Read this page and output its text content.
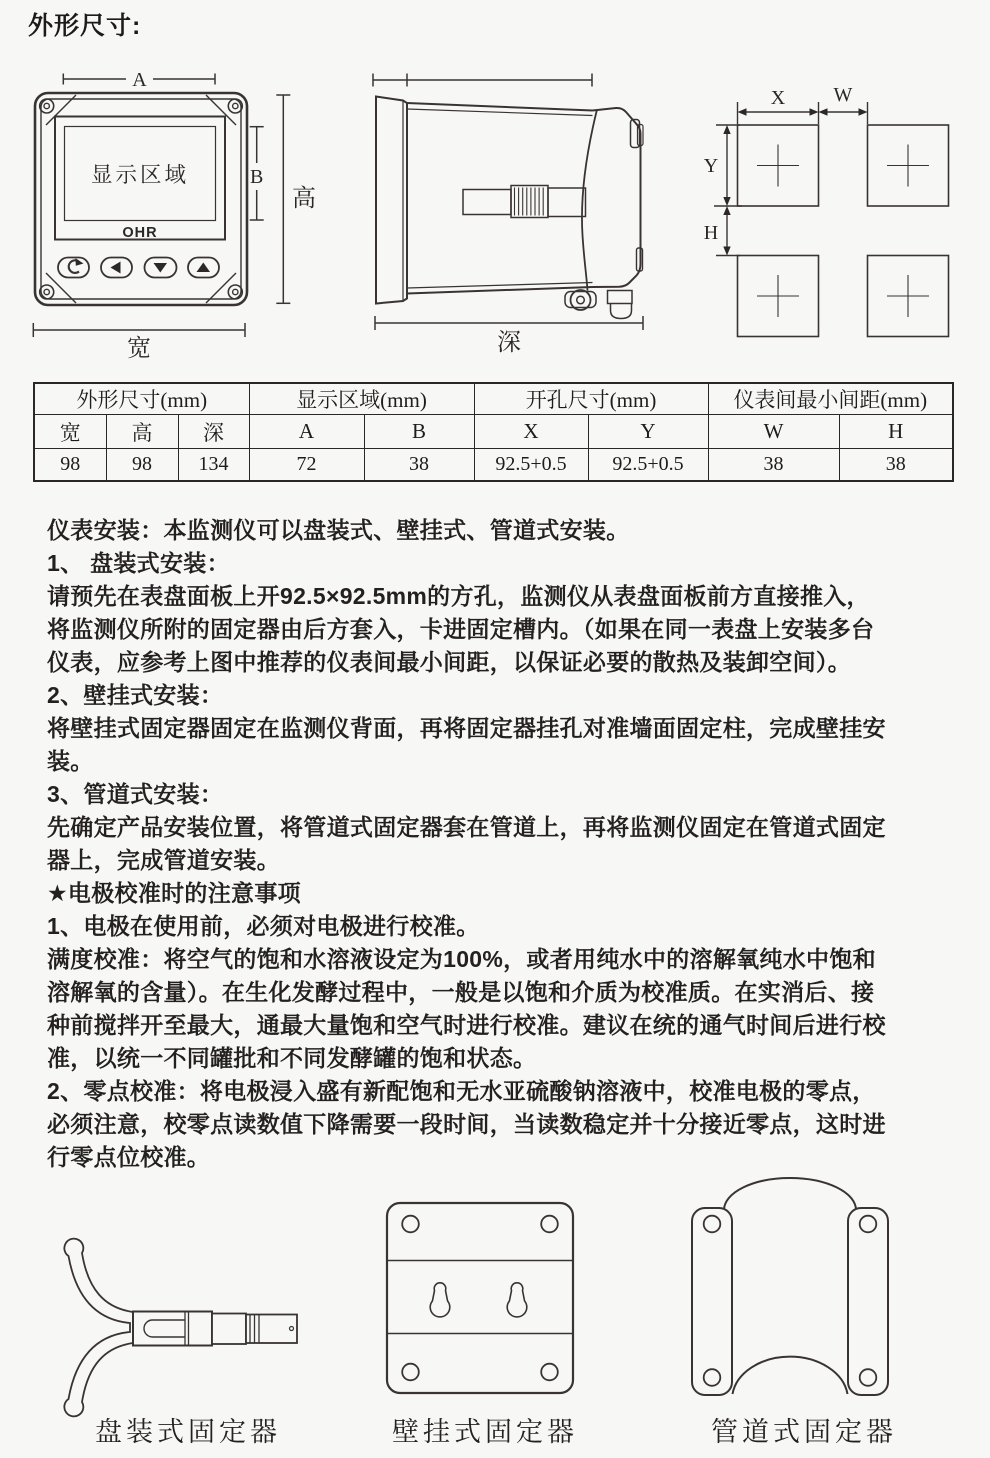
外形尺寸:
显示区域
OHR
A
B
高
宽	深
X W
Y
H
外形尺寸(mm)			显示区域(mm)		开孔尺寸(mm)		仪表间最小间距(mm)	
宽	高	深	A	B	X	Y	W	H
98	98	134	72	38	92.5+0.5	92.5+0.5	38	38
仪表安装：本监测仪可以盘装式、壁挂式、管道式安装。
1、 盘装式安装：
请预先在表盘面板上开92.5×92.5mm的方孔，监测仪从表盘面板前方直接推入，
将监测仪所附的固定器由后方套入，卡进固定槽内。（如果在同一表盘上安装多台
仪表，应参考上图中推荐的仪表间最小间距，以保证必要的散热及装卸空间）。
2、壁挂式安装：
将壁挂式固定器固定在监测仪背面，再将固定器挂孔对准墙面固定柱，完成壁挂安
装。
3、管道式安装：
先确定产品安装位置，将管道式固定器套在管道上，再将监测仪固定在管道式固定
器上，完成管道安装。
★电极校准时的注意事项
1、电极在使用前，必须对电极进行校准。
满度校准：将空气的饱和水溶液设定为100%，或者用纯水中的溶解氧纯水中饱和
溶解氧的含量）。在生化发酵过程中，一般是以饱和介质为校准质。在实消后、接
种前搅拌开至最大，通最大量饱和空气时进行校准。建议在统的通气时间后进行校
准，以统一不同罐批和不同发酵罐的饱和状态。
2、零点校准：将电极浸入盛有新配饱和无水亚硫酸钠溶液中，校准电极的零点，
必须注意，校零点读数值下降需要一段时间，当读数稳定并十分接近零点，这时进
行零点位校准。
盘装式固定器	壁挂式固定器	管道式固定器
